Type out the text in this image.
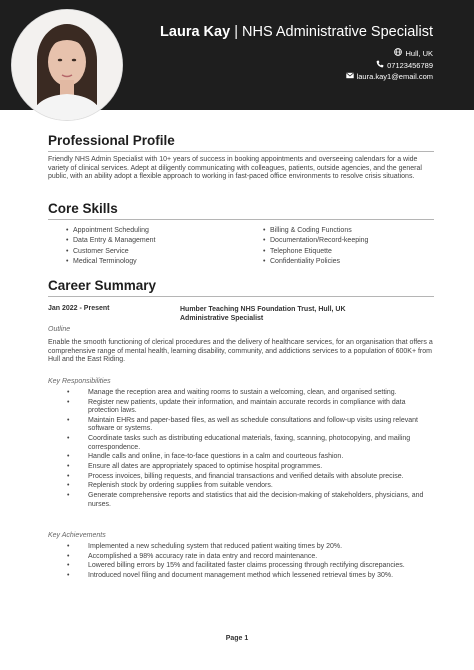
Laura Kay | NHS Administrative Specialist
Hull, UK
07123456789
laura.kay1@email.com
Professional Profile
Friendly NHS Admin Specialist with 10+ years of success in booking appointments and overseeing calendars for a wide variety of clinical services. Adept at diligently communicating with colleagues, patients, outside agencies, and the general public, with an ability adopt a flexible approach to working in fast-paced office environments to resolve crisis situations.
Core Skills
• Appointment Scheduling
• Data Entry & Management
• Customer Service
• Medical Terminology
• Billing & Coding Functions
• Documentation/Record-keeping
• Telephone Etiquette
• Confidentiality Policies
Career Summary
Jan 2022 - Present	Humber Teaching NHS Foundation Trust, Hull, UK
Administrative Specialist
Outline
Enable the smooth functioning of clerical procedures and the delivery of healthcare services, for an organisation that offers a comprehensive range of mental health, learning disability, community, and addictions services to a population of 600K+ from Hull and the East Riding.
Key Responsibilities
• Manage the reception area and waiting rooms to sustain a welcoming, clean, and organised setting.
• Register new patients, update their information, and maintain accurate records in compliance with data protection laws.
• Maintain EHRs and paper-based files, as well as schedule consultations and follow-up visits using relevant software or systems.
• Coordinate tasks such as distributing educational materials, faxing, scanning, photocopying, and mailing correspondence.
• Handle calls and online, in face-to-face questions in a calm and courteous fashion.
• Ensure all dates are appropriately spaced to optimise hospital programmes.
• Process invoices, billing requests, and financial transactions and verified details with absolute precise.
• Replenish stock by ordering supplies from suitable vendors.
• Generate comprehensive reports and statistics that aid the decision-making of stakeholders, physicians, and nurses.
Key Achievements
• Implemented a new scheduling system that reduced patient waiting times by 20%.
• Accomplished a 98% accuracy rate in data entry and record maintenance.
• Lowered billing errors by 15% and facilitated faster claims processing through rectifying discrepancies.
• Introduced novel filing and document management method which lessened retrieval times by 30%.
Page 1
